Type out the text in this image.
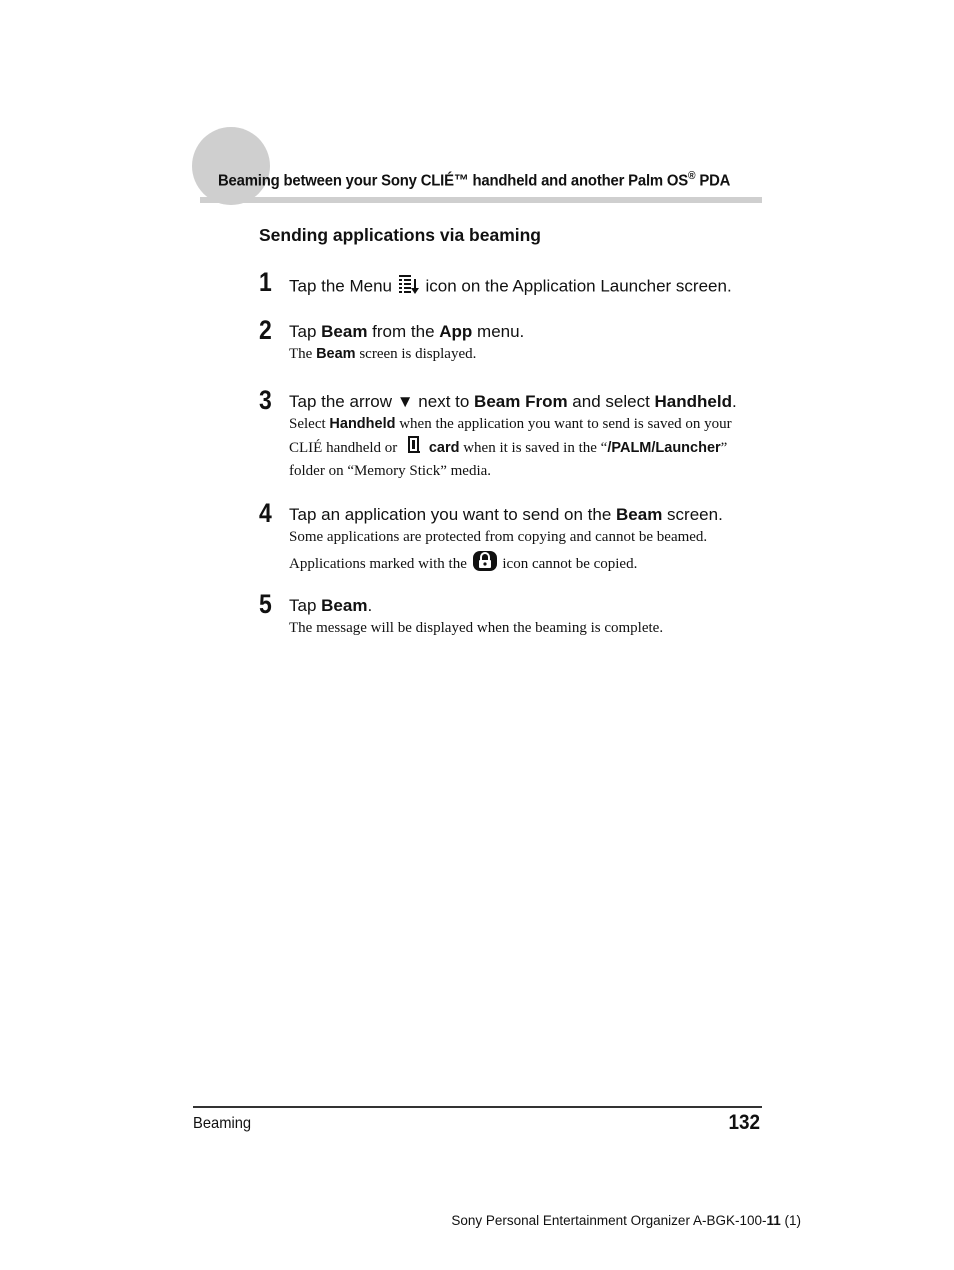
Beaming between your Sony CLIÉ™ handheld and another Palm OS® PDA
Sending applications via beaming
1 Tap the Menu  icon on the Application Launcher screen.
2 Tap Beam from the App menu.
The Beam screen is displayed.
3 Tap the arrow ▼ next to Beam From and select Handheld.
Select Handheld when the application you want to send is saved on your
CLIÉ handheld or  card when it is saved in the “/PALM/Launcher”
folder on “Memory Stick” media.
4 Tap an application you want to send on the Beam screen.
Some applications are protected from copying and cannot be beamed.
Applications marked with the  icon cannot be copied.
5 Tap Beam.
The message will be displayed when the beaming is complete.
Beaming	132
Sony Personal Entertainment Organizer A-BGK-100-11 (1)
